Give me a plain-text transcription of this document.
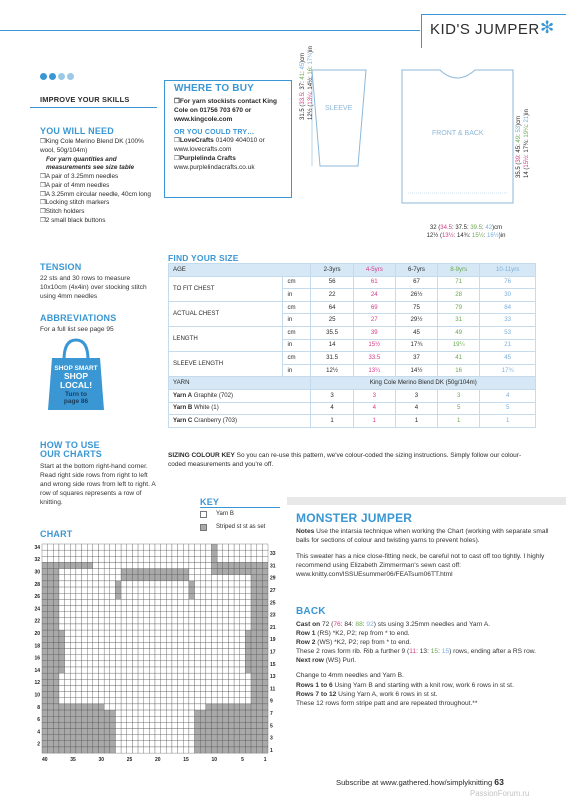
KID'S JUMPER ✻
IMPROVE YOUR SKILLS
YOU WILL NEED
❒King Cole Merino Blend DK (100% wool, 50g/104m)
For yarn quantities and measurements see size table
❒A pair of 3.25mm needles
❒A pair of 4mm needles
❒A 3.25mm circular needle, 40cm long
❒Locking stitch markers
❒Stitch holders
❒2 small black buttons
TENSION
22 sts and 30 rows to measure 10x10cm (4x4in) over stocking stitch using 4mm needles
ABBREVIATIONS
For a full list see page 95
SHOP SMART
SHOP
LOCAL!
Turn to
page 86
HOW TO USE
OUR CHARTS
Start at the bottom right-hand corner. Read right side rows from right to left and wrong side rows from left to right. A row of squares represents a row of knitting.
WHERE TO BUY
❒For yarn stockists contact King Cole on 01756 703 670 or www.kingcole.com
OR YOU COULD TRY…
❒LoveCrafts 01409 404010 or www.lovecrafts.com
❒Purplelinda Crafts www.purplelindacrafts.co.uk
SLEEVE
31.5 (33.5: 37: 41: 45)cm
12½ (13¼: 14½: 16: 17¾)in
FRONT & BACK
35.5 (39: 45: 49: 53)cm
14 (15½: 17¾: 19¼: 21)in
32 (34.5: 37.5: 39.5: 42)cm
12½ (13½: 14¾: 15½: 16½)in
FIND YOUR SIZE
AGE		2-3yrs	4-5yrs	6-7yrs	8-9yrs	10-11yrs
TO FIT CHEST	cm	56	61	67	71	76
	in	22	24	26½	28	30
ACTUAL CHEST	cm	64	69	75	79	84
	in	25	27	29½	31	33
LENGTH	cm	35.5	39	45	49	53
	in	14	15½	17¾	19¼	21
SLEEVE LENGTH	cm	31.5	33.5	37	41	45
	in	12½	13¼	14½	16	17¾
YARN		King Cole Merino Blend DK (50g/104m)				
Yarn A Graphite (702)		3	3	3	3	4
Yarn B White (1)		4	4	4	5	5
Yarn C Cranberry (703)		1	1	1	1	1
SIZING COLOUR KEY So you can re-use this pattern, we've colour-coded the sizing instructions. Simply follow our colour-coded measurements and you're off.
KEY
Yarn B
Striped st st as set
CHART
34
32
30
28
26
24
22
20
18
16
14
12
10
8
6
4
2
33
31
29
27
25
23
21
19
17
15
13
11
9
7
5
3
1
40	35	30	25	20	15	10	5	1
MONSTER JUMPER
Notes Use the intarsia technique when working the Chart (working with separate small balls for sections of colour and twisting yarns to prevent holes).
This sweater has a nice close-fitting neck, be careful not to cast off too tightly. I highly recommend using Elizabeth Zimmerman's sewn cast off: www.knitty.com/ISSUEsummer06/FEATsum06TT.html
BACK
Cast on 72 (76: 84: 88: 92) sts using 3.25mm needles and Yarn A.
Row 1 (RS) *K2, P2; rep from * to end.
Row 2 (WS) *K2, P2; rep from * to end.
These 2 rows form rib. Rib a further 9 (11: 13: 15: 15) rows, ending after a RS row.
Next row (WS) Purl.
Change to 4mm needles and Yarn B.
Rows 1 to 6 Using Yarn B and starting with a knit row, work 6 rows in st st.
Rows 7 to 12 Using Yarn A, work 6 rows in st st.
These 12 rows form stripe patt and are repeated throughout.**
Subscribe at www.gathered.how/simplyknitting 63
PassionForum.ru
